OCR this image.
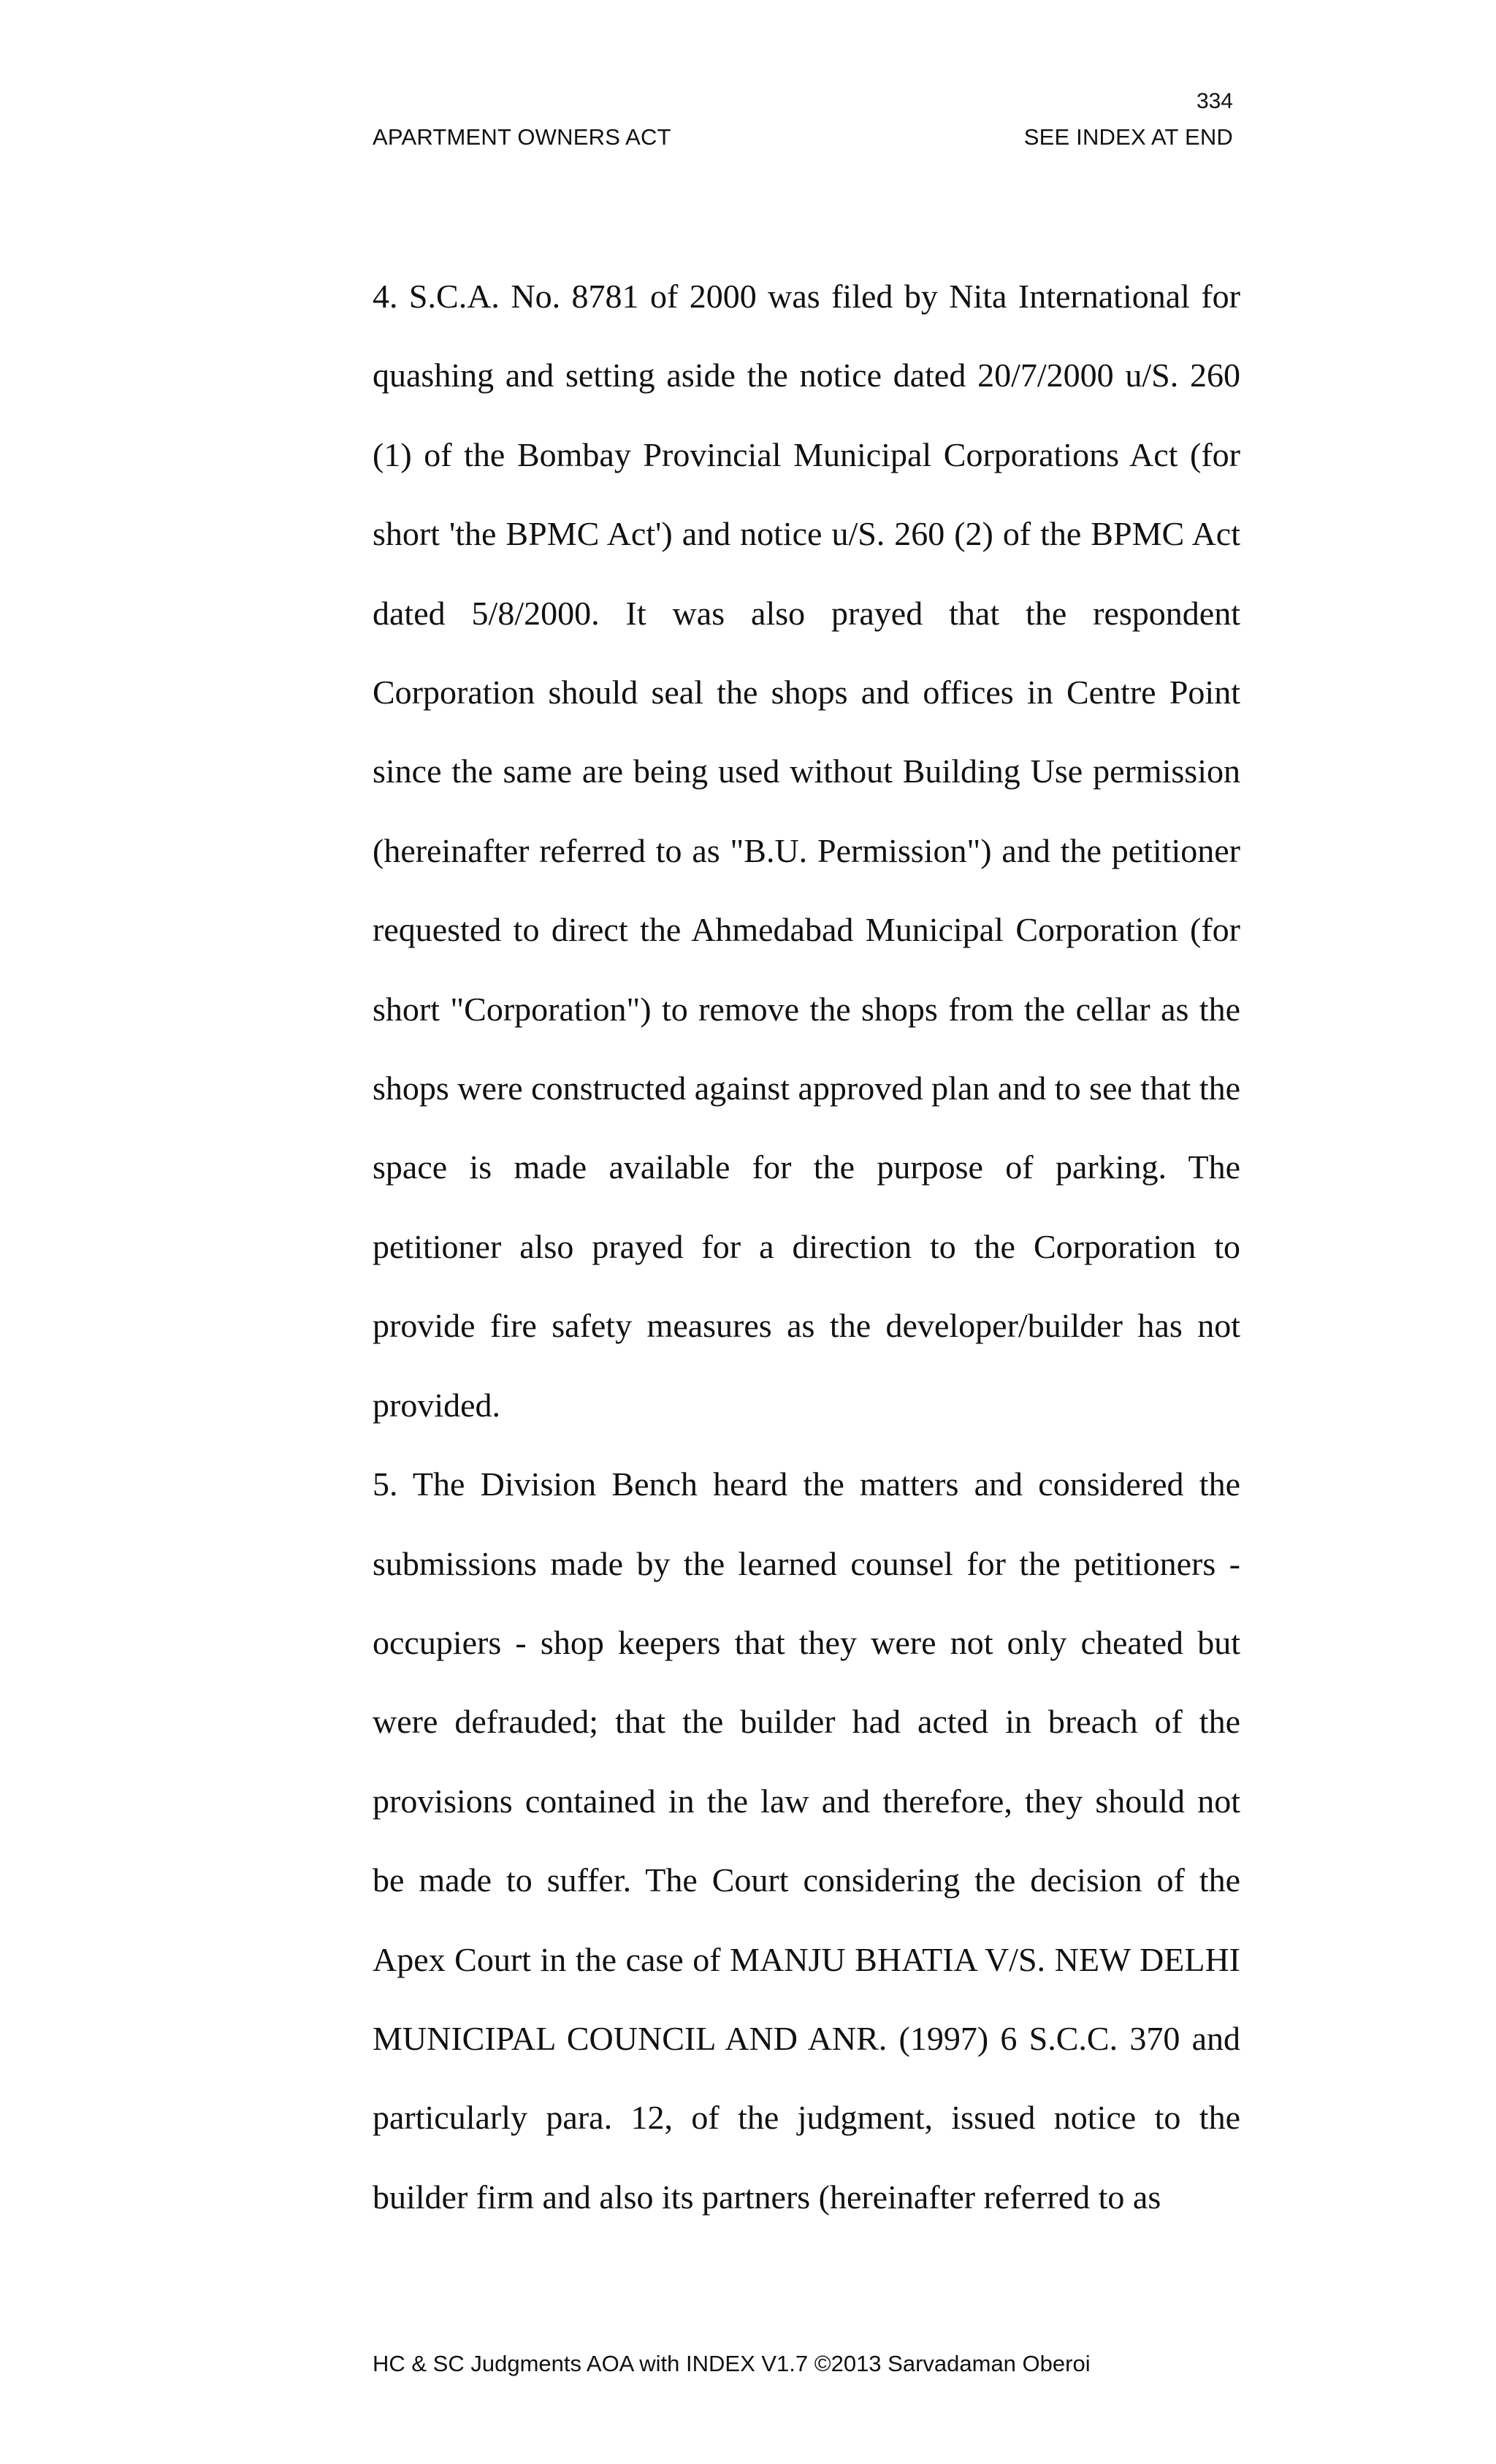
334
APARTMENT OWNERS ACT	SEE INDEX AT END

4. S.C.A. No. 8781 of 2000 was filed by Nita International for quashing and setting aside the notice dated 20/7/2000 u/S. 260 (1) of the Bombay Provincial Municipal Corporations Act (for short 'the BPMC Act') and notice u/S. 260 (2) of the BPMC Act dated 5/8/2000. It was also prayed that the respondent Corporation should seal the shops and offices in Centre Point since the same are being used without Building Use permission (hereinafter referred to as "B.U. Permission") and the petitioner requested to direct the Ahmedabad Municipal Corporation (for short "Corporation") to remove the shops from the cellar as the shops were constructed against approved plan and to see that the space is made available for the purpose of parking. The petitioner also prayed for a direction to the Corporation to provide fire safety measures as the developer/builder has not provided.

5. The Division Bench heard the matters and considered the submissions made by the learned counsel for the petitioners - occupiers - shop keepers that they were not only cheated but were defrauded; that the builder had acted in breach of the provisions contained in the law and therefore, they should not be made to suffer. The Court considering the decision of the Apex Court in the case of MANJU BHATIA V/S. NEW DELHI MUNICIPAL COUNCIL AND ANR. (1997) 6 S.C.C. 370 and particularly para. 12, of the judgment, issued notice to the builder firm and also its partners (hereinafter referred to as

HC & SC Judgments AOA with INDEX V1.7 ©2013 Sarvadaman Oberoi
